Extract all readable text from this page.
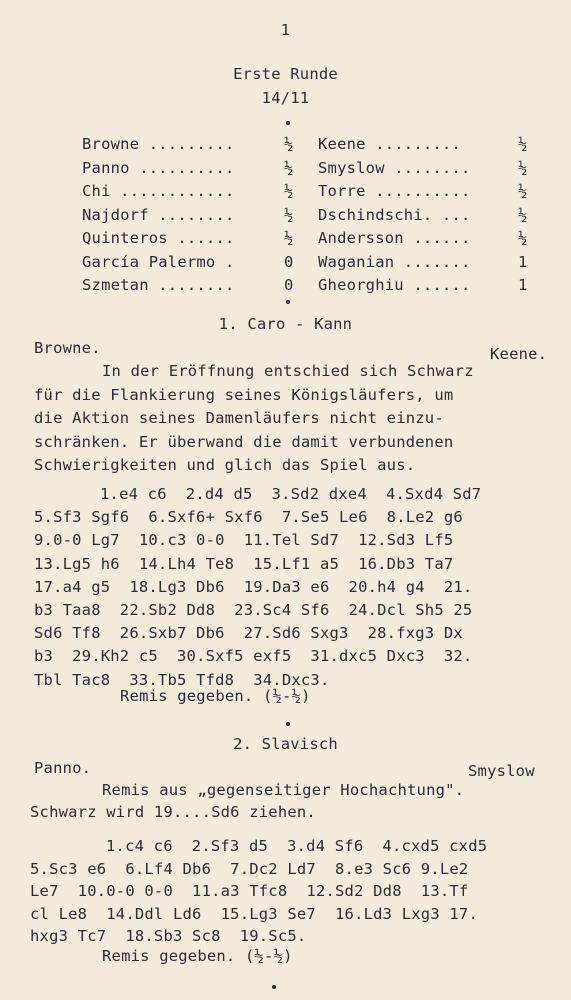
1
Erste Runde
14/11
Browne .........	½ Keene .........	½
Panno ..........	½ Smyslow ........	½
Chi ............	½ Torre ..........	½
Najdorf ........	½ Dschindschi. ...	½
Quinteros ......	½ Andersson ......	½
García Palermo .	0 Waganian .......	1
Szmetan ........	0 Gheorghiu ......	1
1. Caro - Kann
Browne.	Keene.
In der Eröffnung entschied sich Schwarz
für die Flankierung seines Königsläufers, um
die Aktion seines Damenläufers nicht einzu-
schränken. Er überwand die damit verbundenen
Schwierigkeiten und glich das Spiel aus.
1.e4 c6  2.d4 d5  3.Sd2 dxe4  4.Sxd4 Sd7
5.Sf3 Sgf6  6.Sxf6+ Sxf6  7.Se5 Le6  8.Le2 g6
9.0-0 Lg7  10.c3 0-0  11.Tel Sd7  12.Sd3 Lf5
13.Lg5 h6  14.Lh4 Te8  15.Lf1 a5  16.Db3 Ta7
17.a4 g5  18.Lg3 Db6  19.Da3 e6  20.h4 g4  21.
b3 Taa8  22.Sb2 Dd8  23.Sc4 Sf6  24.Dcl Sh5 25
Sd6 Tf8  26.Sxb7 Db6  27.Sd6 Sxg3  28.fxg3 Dx
b3  29.Kh2 c5  30.Sxf5 exf5  31.dxc5 Dxc3  32.
Tbl Tac8  33.Tb5 Tfd8  34.Dxc3.
Remis gegeben. (½-½)
2. Slavisch
Panno.	Smyslow
Remis aus „gegenseitiger Hochachtung".
Schwarz wird 19....Sd6 ziehen.
1.c4 c6  2.Sf3 d5  3.d4 Sf6  4.cxd5 cxd5
5.Sc3 e6  6.Lf4 Db6  7.Dc2 Ld7  8.e3 Sc6 9.Le2
Le7  10.0-0 0-0  11.a3 Tfc8  12.Sd2 Dd8  13.Tf
cl Le8  14.Ddl Ld6  15.Lg3 Se7  16.Ld3 Lxg3 17.
hxg3 Tc7  18.Sb3 Sc8  19.Sc5.
Remis gegeben. (½-½)
